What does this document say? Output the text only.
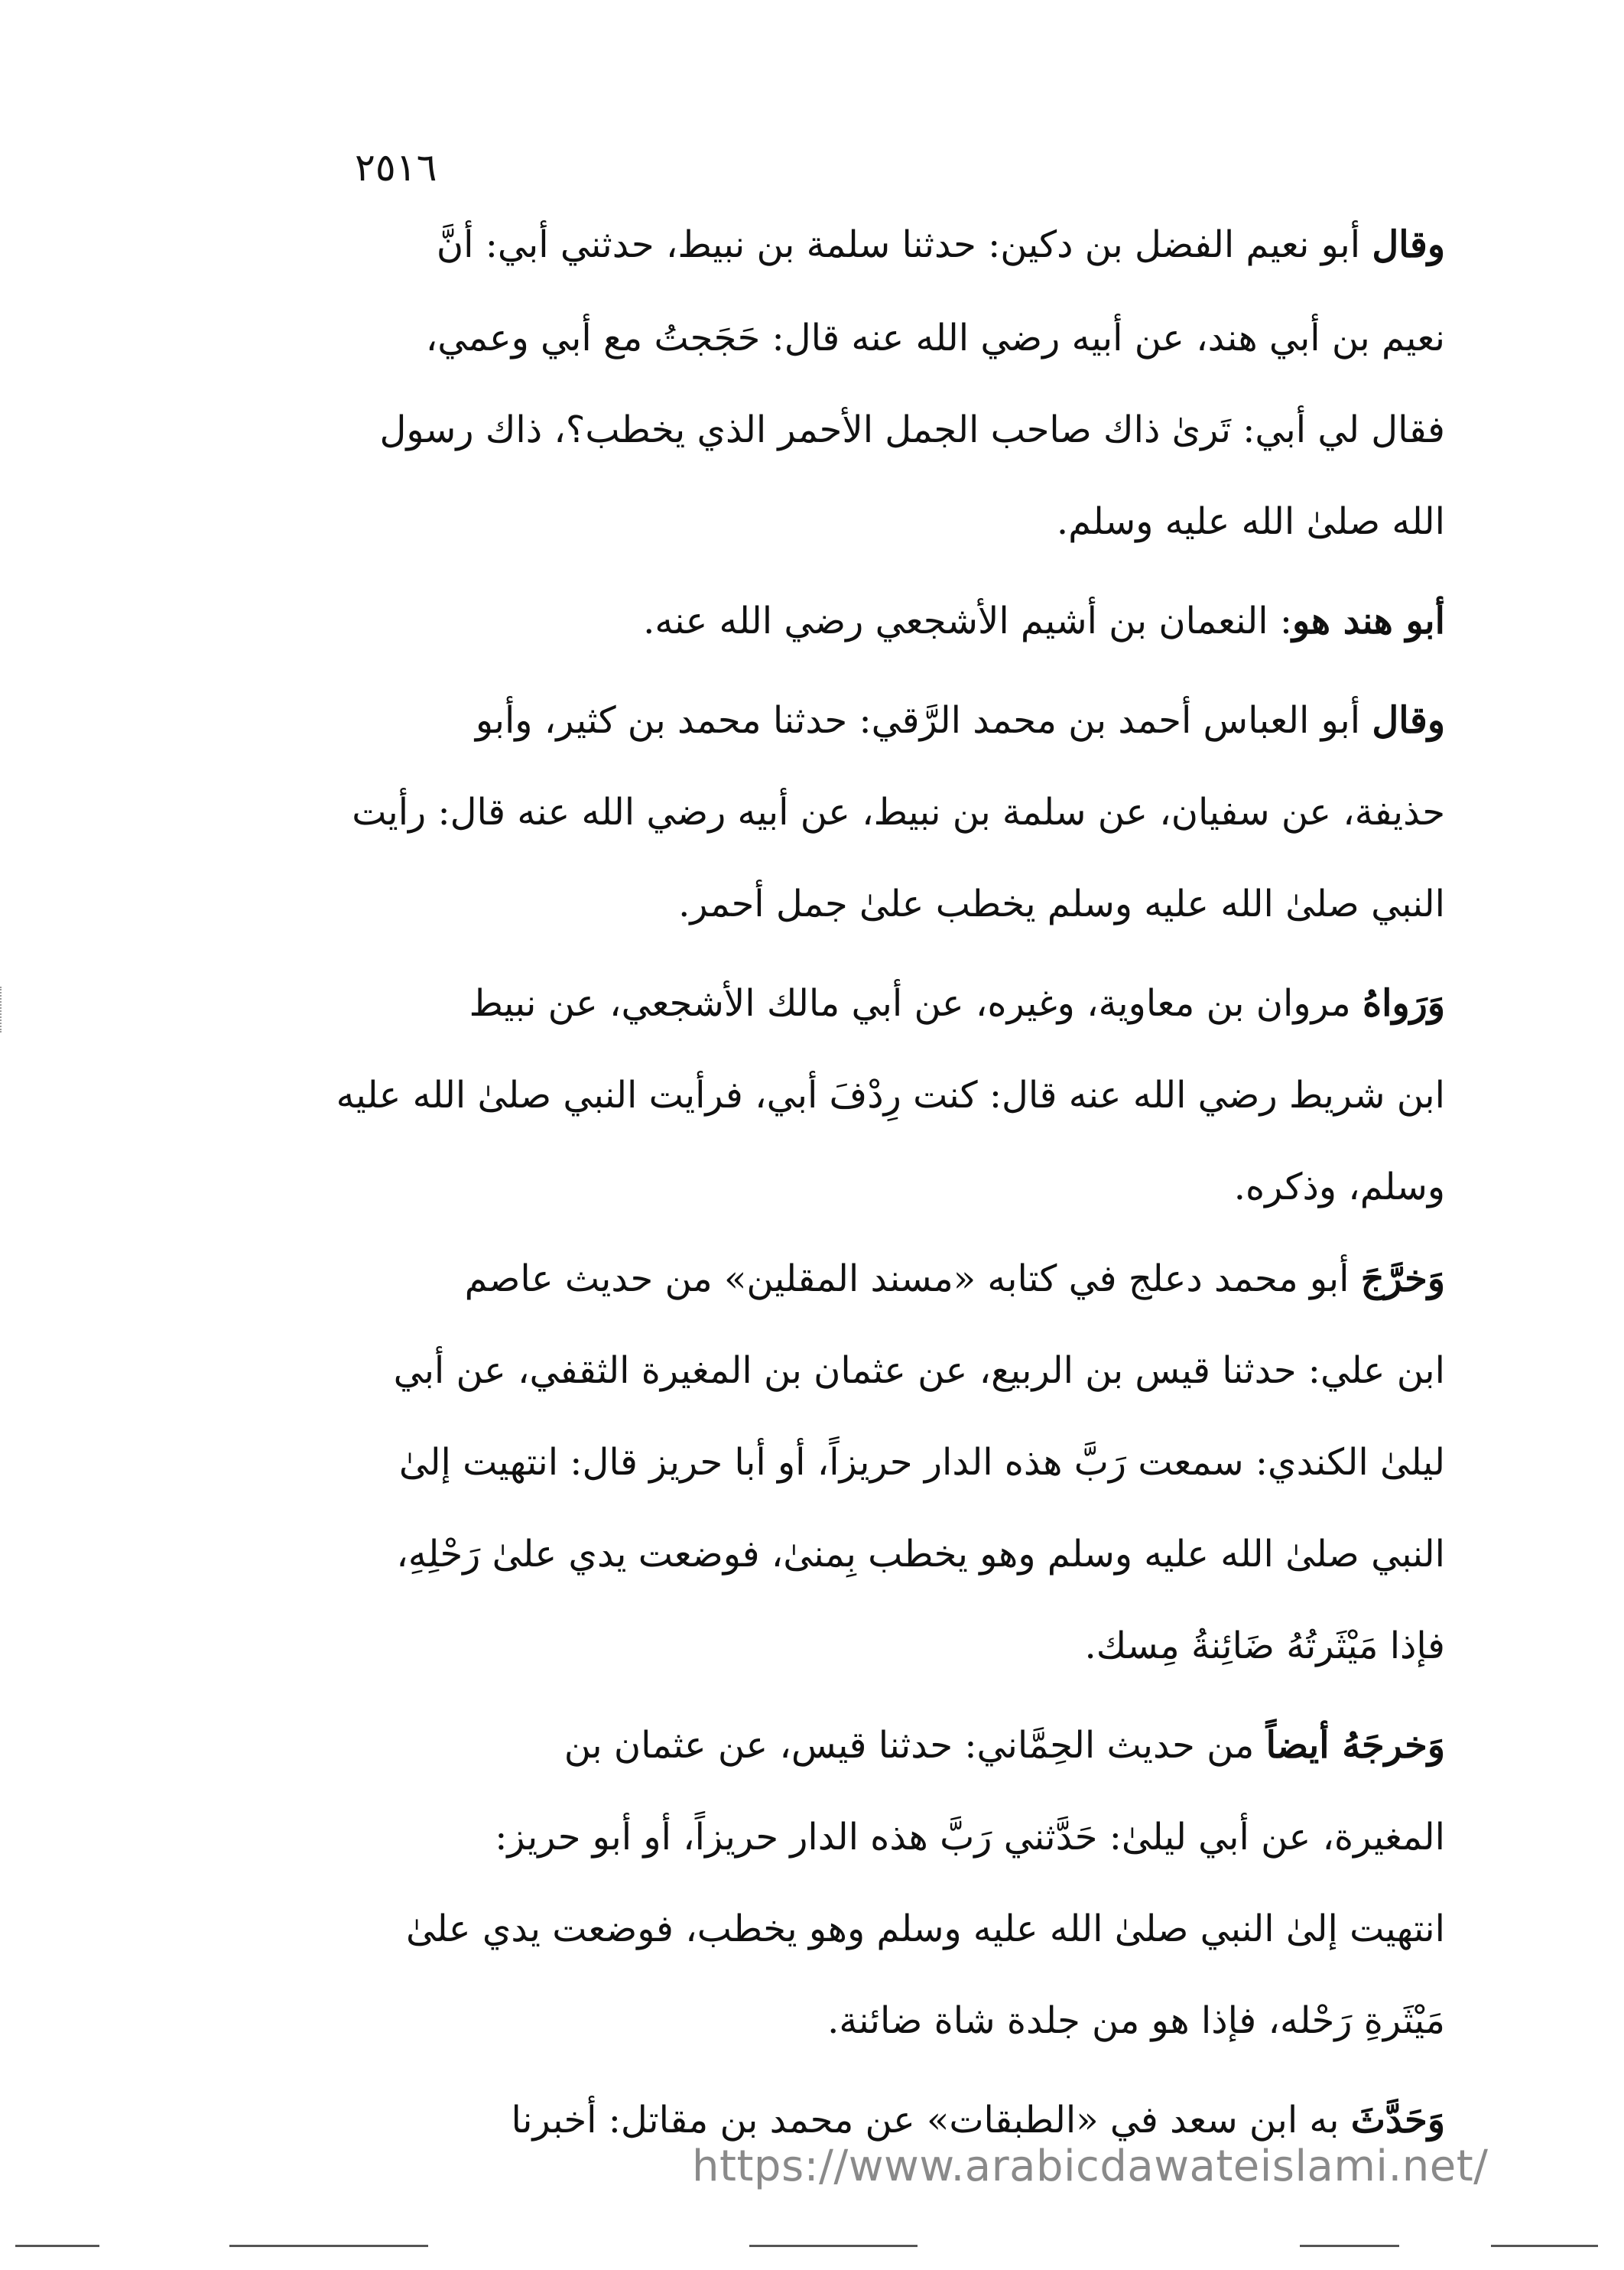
٢٥١٦
وقال أبو نعيم الفضل بن دكين: حدثنا سلمة بن نبيط، حدثني أبي: أنَّ
نعيم بن أبي هند، عن أبيه رضي الله عنه قال: حَجَجتُ مع أبي وعمي،
فقال لي أبي: تَرىٰ ذاك صاحب الجمل الأحمر الذي يخطب؟، ذاك رسول
الله صلىٰ الله عليه وسلم.
أبو هند هو: النعمان بن أشيم الأشجعي رضي الله عنه.
وقال أبو العباس أحمد بن محمد الرَّقي: حدثنا محمد بن كثير، وأبو
حذيفة، عن سفيان، عن سلمة بن نبيط، عن أبيه رضي الله عنه قال: رأيت
النبي صلىٰ الله عليه وسلم يخطب علىٰ جمل أحمر.
وَرَواهُ مروان بن معاوية، وغيره، عن أبي مالك الأشجعي، عن نبيط
ابن شريط رضي الله عنه قال: كنت رِدْفَ أبي، فرأيت النبي صلىٰ الله عليه
وسلم، وذكره.
وَخرَّجَ أبو محمد دعلج في كتابه «مسند المقلين» من حديث عاصم
ابن علي: حدثنا قيس بن الربيع، عن عثمان بن المغيرة الثقفي، عن أبي
ليلىٰ الكندي: سمعت رَبَّ هذه الدار حريزاً، أو أبا حريز قال: انتهيت إلىٰ
النبي صلىٰ الله عليه وسلم وهو يخطب بِمنىٰ، فوضعت يدي علىٰ رَحْلِهِ،
فإذا مَيْثَرتُهُ ضَائِنةُ مِسك.
وَخرجَهُ أيضاً من حديث الحِمَّاني: حدثنا قيس، عن عثمان بن
المغيرة، عن أبي ليلىٰ: حَدَّثني رَبَّ هذه الدار حريزاً، أو أبو حريز:
انتهيت إلىٰ النبي صلىٰ الله عليه وسلم وهو يخطب، فوضعت يدي علىٰ
مَيْثَرةِ رَحْله، فإذا هو من جلدة شاة ضائنة.
وَحَدَّثَ به ابن سعد في «الطبقات» عن محمد بن مقاتل: أخبرنا
https://www.arabicdawateislami.net/
